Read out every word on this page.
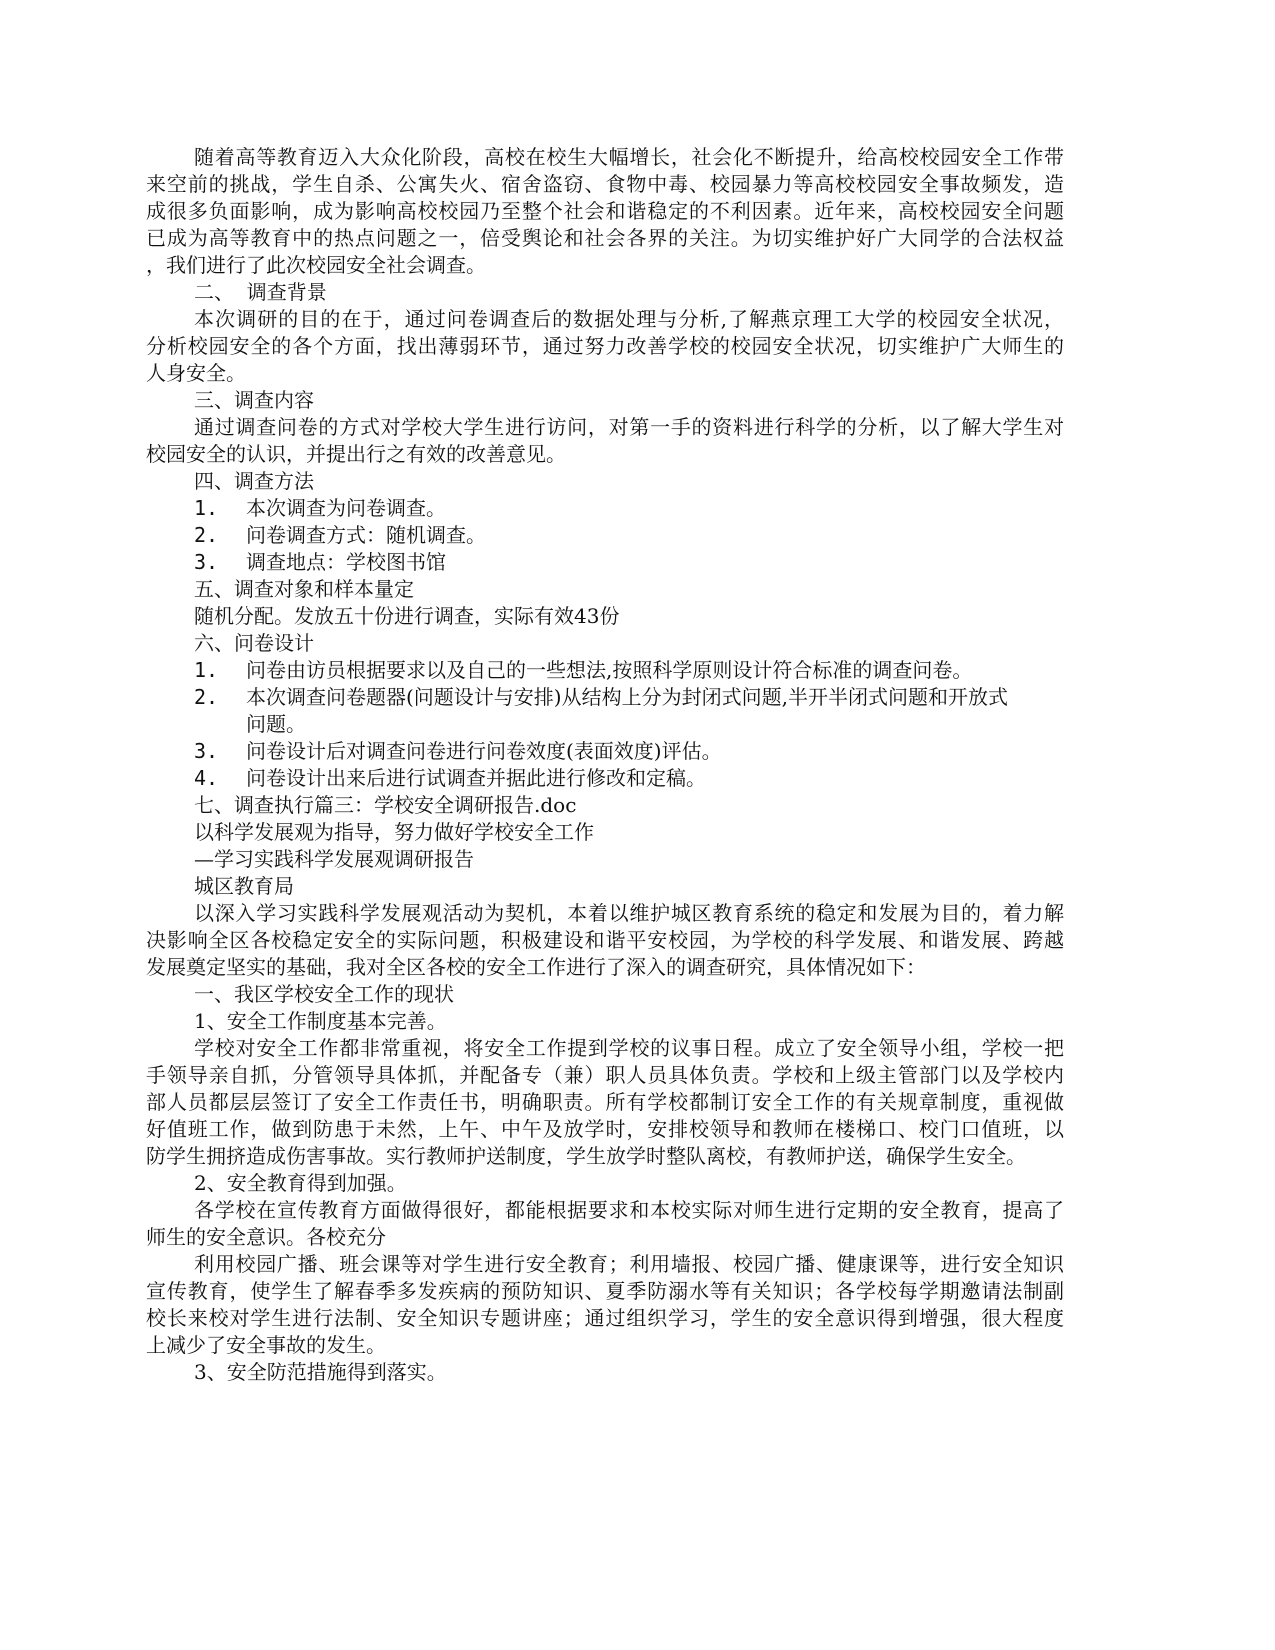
随着高等教育迈入大众化阶段，高校在校生大幅增长，社会化不断提升，给高校校园安全工作带

来空前的挑战，学生自杀、公寓失火、宿舍盗窃、食物中毒、校园暴力等高校校园安全事故频发，造

成很多负面影响，成为影响高校校园乃至整个社会和谐稳定的不利因素。近年来，高校校园安全问题

已成为高等教育中的热点问题之一，倍受舆论和社会各界的关注。为切实维护好广大同学的合法权益

，我们进行了此次校园安全社会调查。

二、  调查背景

本次调研的目的在于，通过问卷调查后的数据处理与分析,了解燕京理工大学的校园安全状况，

分析校园安全的各个方面，找出薄弱环节，通过努力改善学校的校园安全状况，切实维护广大师生的

人身安全。

三、调查内容

通过调查问卷的方式对学校大学生进行访问，对第一手的资料进行科学的分析，以了解大学生对

校园安全的认识，并提出行之有效的改善意见。

四、调查方法

1. 本次调查为问卷调查。

2. 问卷调查方式：随机调查。

3. 调查地点：学校图书馆

五、调查对象和样本量定

随机分配。发放五十份进行调查，实际有效43份

六、问卷设计

1. 问卷由访员根据要求以及自己的一些想法,按照科学原则设计符合标准的调查问卷。

2. 本次调查问卷题器(问题设计与安排)从结构上分为封闭式问题,半开半闭式问题和开放式

问题。

3. 问卷设计后对调查问卷进行问卷效度(表面效度)评估。

4. 问卷设计出来后进行试调查并据此进行修改和定稿。

七、调查执行篇三：学校安全调研报告.doc

以科学发展观为指导，努力做好学校安全工作

—学习实践科学发展观调研报告

城区教育局

以深入学习实践科学发展观活动为契机，本着以维护城区教育系统的稳定和发展为目的，着力解

决影响全区各校稳定安全的实际问题，积极建设和谐平安校园，为学校的科学发展、和谐发展、跨越

发展奠定坚实的基础，我对全区各校的安全工作进行了深入的调查研究，具体情况如下：

一、我区学校安全工作的现状

1、安全工作制度基本完善。

学校对安全工作都非常重视，将安全工作提到学校的议事日程。成立了安全领导小组，学校一把

手领导亲自抓，分管领导具体抓，并配备专（兼）职人员具体负责。学校和上级主管部门以及学校内

部人员都层层签订了安全工作责任书，明确职责。所有学校都制订安全工作的有关规章制度，重视做

好值班工作，做到防患于未然，上午、中午及放学时，安排校领导和教师在楼梯口、校门口值班，以

防学生拥挤造成伤害事故。实行教师护送制度，学生放学时整队离校，有教师护送，确保学生安全。

2、安全教育得到加强。

各学校在宣传教育方面做得很好，都能根据要求和本校实际对师生进行定期的安全教育，提高了

师生的安全意识。各校充分

利用校园广播、班会课等对学生进行安全教育；利用墙报、校园广播、健康课等，进行安全知识

宣传教育，使学生了解春季多发疾病的预防知识、夏季防溺水等有关知识；各学校每学期邀请法制副

校长来校对学生进行法制、安全知识专题讲座；通过组织学习，学生的安全意识得到增强，很大程度

上减少了安全事故的发生。

3、安全防范措施得到落实。
